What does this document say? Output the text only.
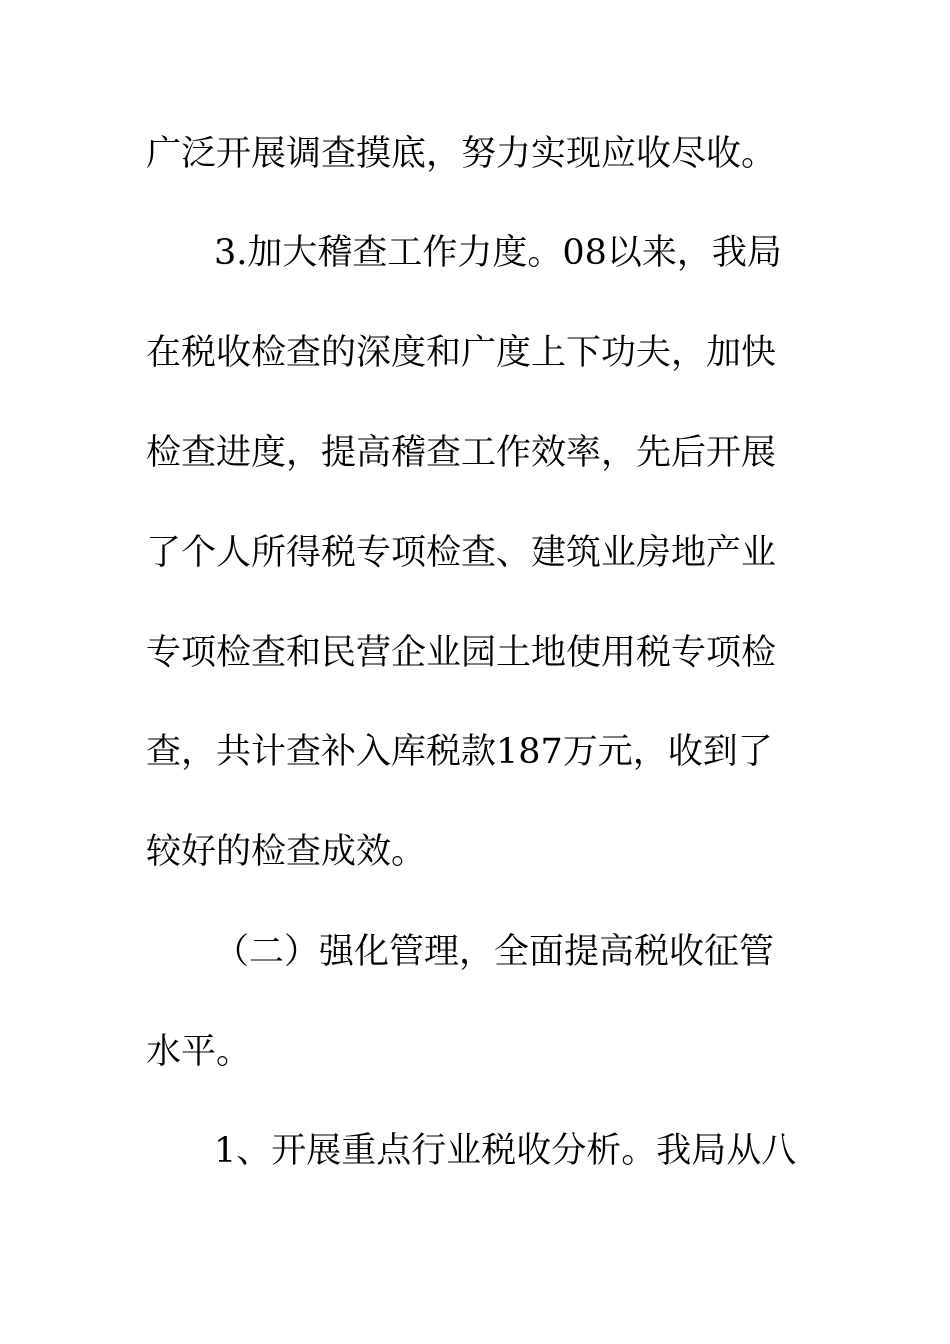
广泛开展调查摸底，努力实现应收尽收。
3.加大稽查工作力度。08以来，我局
在税收检查的深度和广度上下功夫，加快
检查进度，提高稽查工作效率，先后开展
了个人所得税专项检查、建筑业房地产业
专项检查和民营企业园土地使用税专项检
查，共计查补入库税款187万元，收到了
较好的检查成效。
（二）强化管理，全面提高税收征管
水平。
1、开展重点行业税收分析。我局从八
